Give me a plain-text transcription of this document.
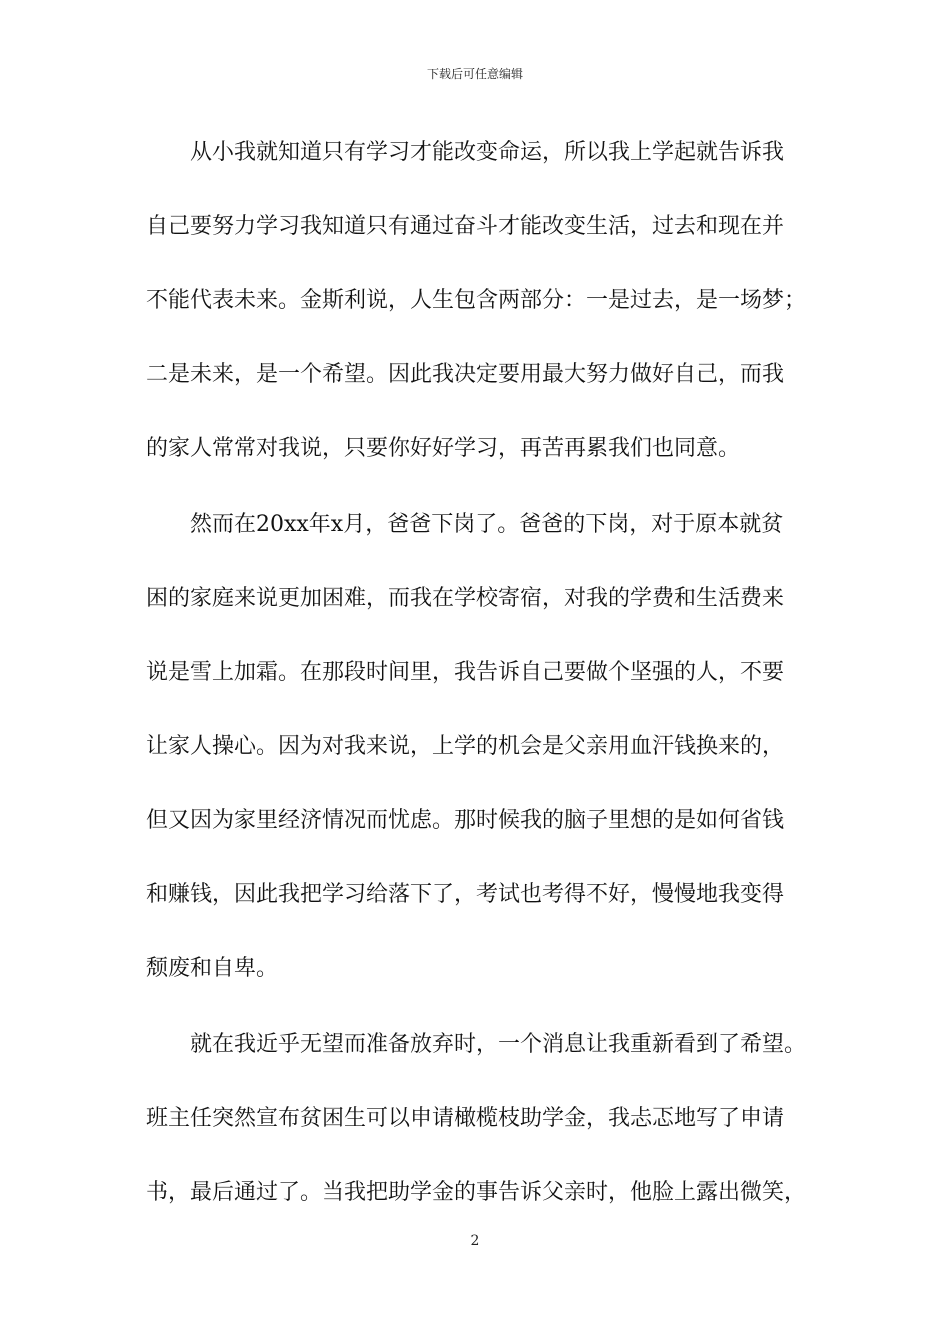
下载后可任意编辑
从小我就知道只有学习才能改变命运，所以我上学起就告诉我
自己要努力学习我知道只有通过奋斗才能改变生活，过去和现在并
不能代表未来。金斯利说，人生包含两部分：一是过去，是一场梦；
二是未来，是一个希望。因此我决定要用最大努力做好自己，而我
的家人常常对我说，只要你好好学习，再苦再累我们也同意。
然而在20xx年x月，爸爸下岗了。爸爸的下岗，对于原本就贫
困的家庭来说更加困难，而我在学校寄宿，对我的学费和生活费来
说是雪上加霜。在那段时间里，我告诉自己要做个坚强的人，不要
让家人操心。因为对我来说，上学的机会是父亲用血汗钱换来的，
但又因为家里经济情况而忧虑。那时候我的脑子里想的是如何省钱
和赚钱，因此我把学习给落下了，考试也考得不好，慢慢地我变得
颓废和自卑。
就在我近乎无望而准备放弃时，一个消息让我重新看到了希望。
班主任突然宣布贫困生可以申请橄榄枝助学金，我忐忑地写了申请
书，最后通过了。当我把助学金的事告诉父亲时，他脸上露出微笑，
2
